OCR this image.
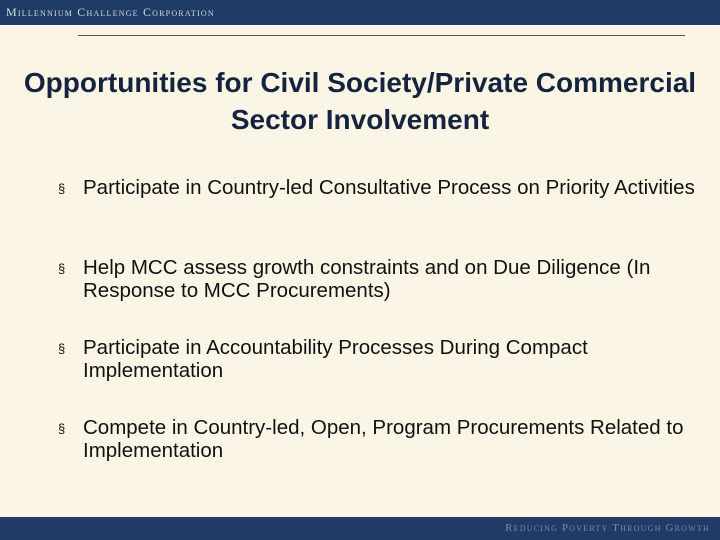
Millennium Challenge Corporation
Opportunities for Civil Society/Private Commercial Sector Involvement
§ Participate in Country-led Consultative Process on Priority Activities
§ Help MCC assess growth constraints and on Due Diligence (In Response to MCC Procurements)
§ Participate in Accountability Processes During Compact Implementation
§ Compete in Country-led, Open, Program Procurements Related to Implementation
Reducing Poverty Through Growth
